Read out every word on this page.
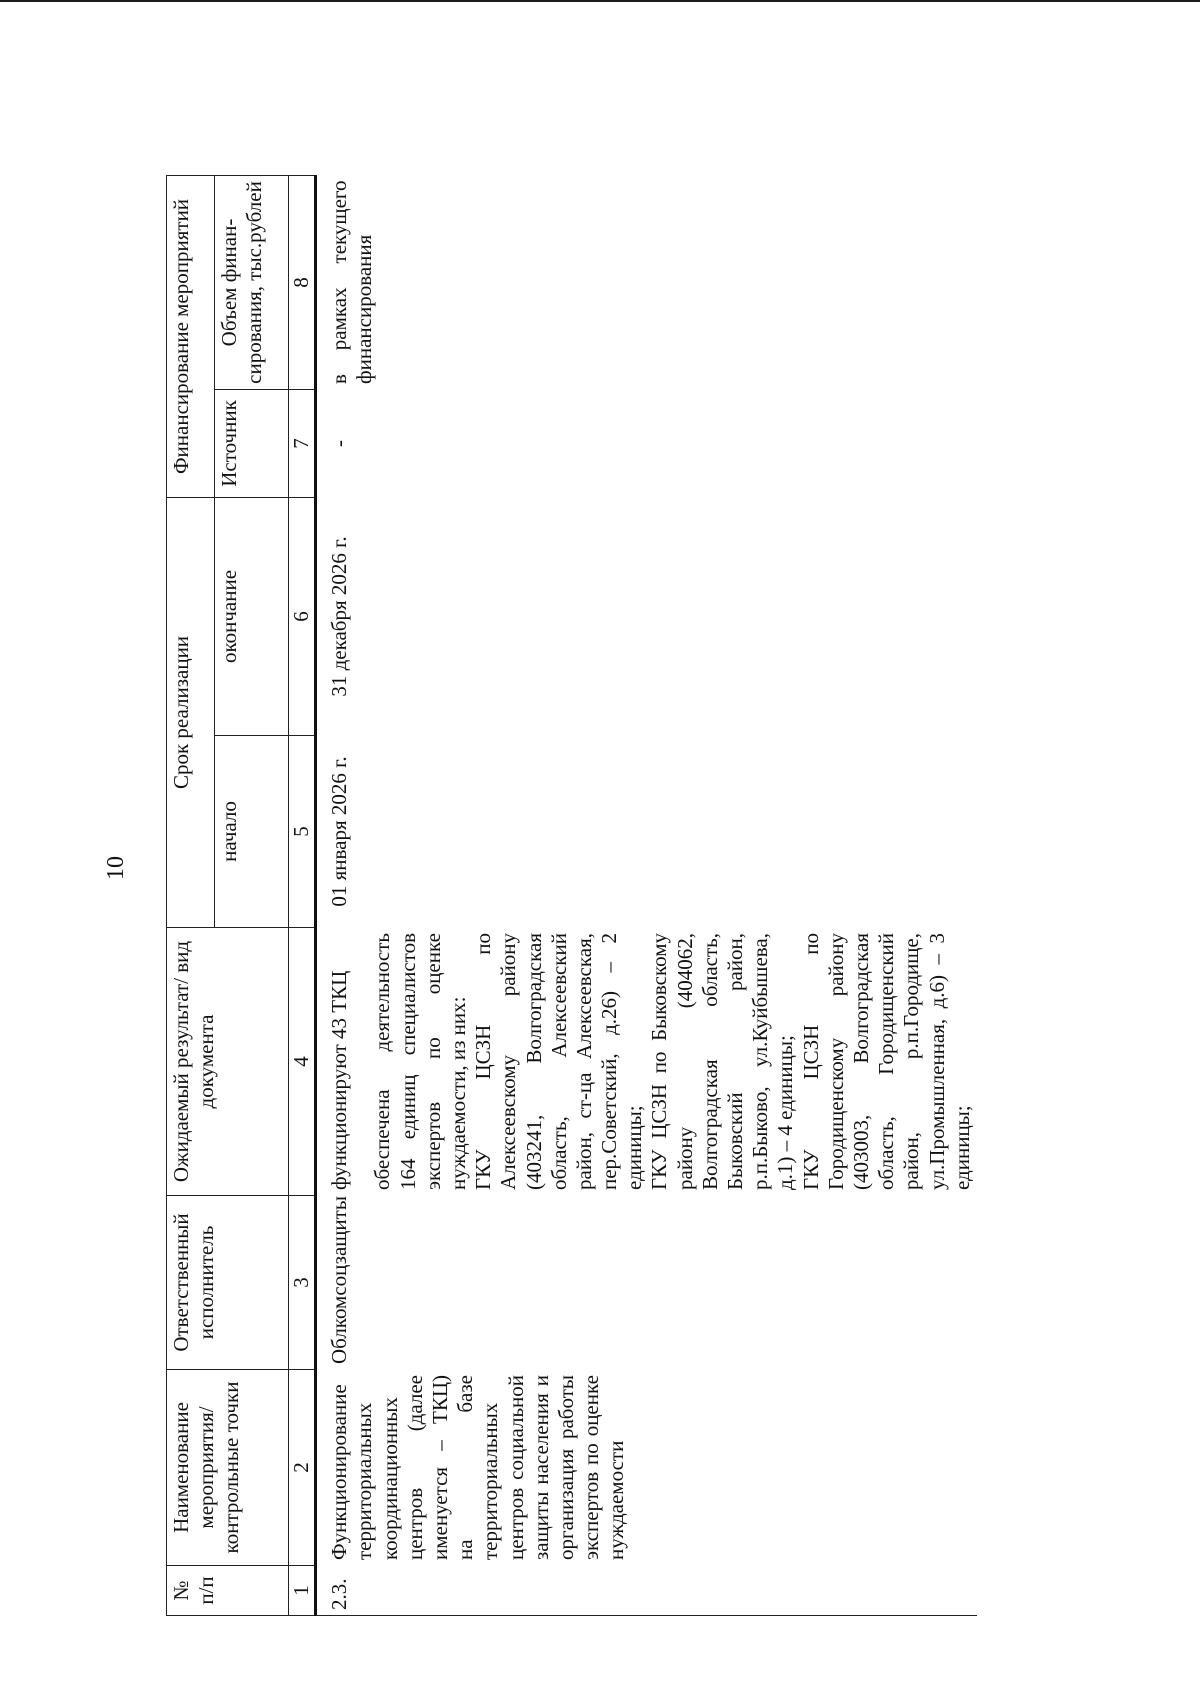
10
№ п/п	Наименование мероприятия/ контрольные точки	Ответственный исполнитель	Ожидаемый результат/ вид документа	Срок реализации		Финансирование мероприятий	
				начало	окончание	Источник	Объем финан-сирования, тыс.рублей
1	2	3	4	5	6	7	8
2.3.	Функционирование территориальных координационных центров (далее именуется – ТКЦ) на базе территориальных центров социальной защиты населения и организация работы экспертов по оценке нуждаемости	Облкомсоцзащиты	функционируют 43 ТКЦ обеспечена деятельность 164 единиц специалистов экспертов по оценке нуждаемости, из них: ГКУ ЦСЗН по Алексеевскому району (403241, Волгоградская область, Алексеевский район, ст-ца Алексеевская, пер.Советский, д.26) – 2 единицы; ГКУ ЦСЗН по Быковскому району (404062, Волгоградская область, Быковский район, р.п.Быково, ул.Куйбышева, д.1) – 4 единицы; ГКУ ЦСЗН по Городищенскому району (403003, Волгоградская область, Городищенский район, р.п.Городище, ул.Промышленная, д.6) – 3 единицы;	01 января 2026 г.	31 декабря 2026 г.	-	в рамках текущего финансирования
